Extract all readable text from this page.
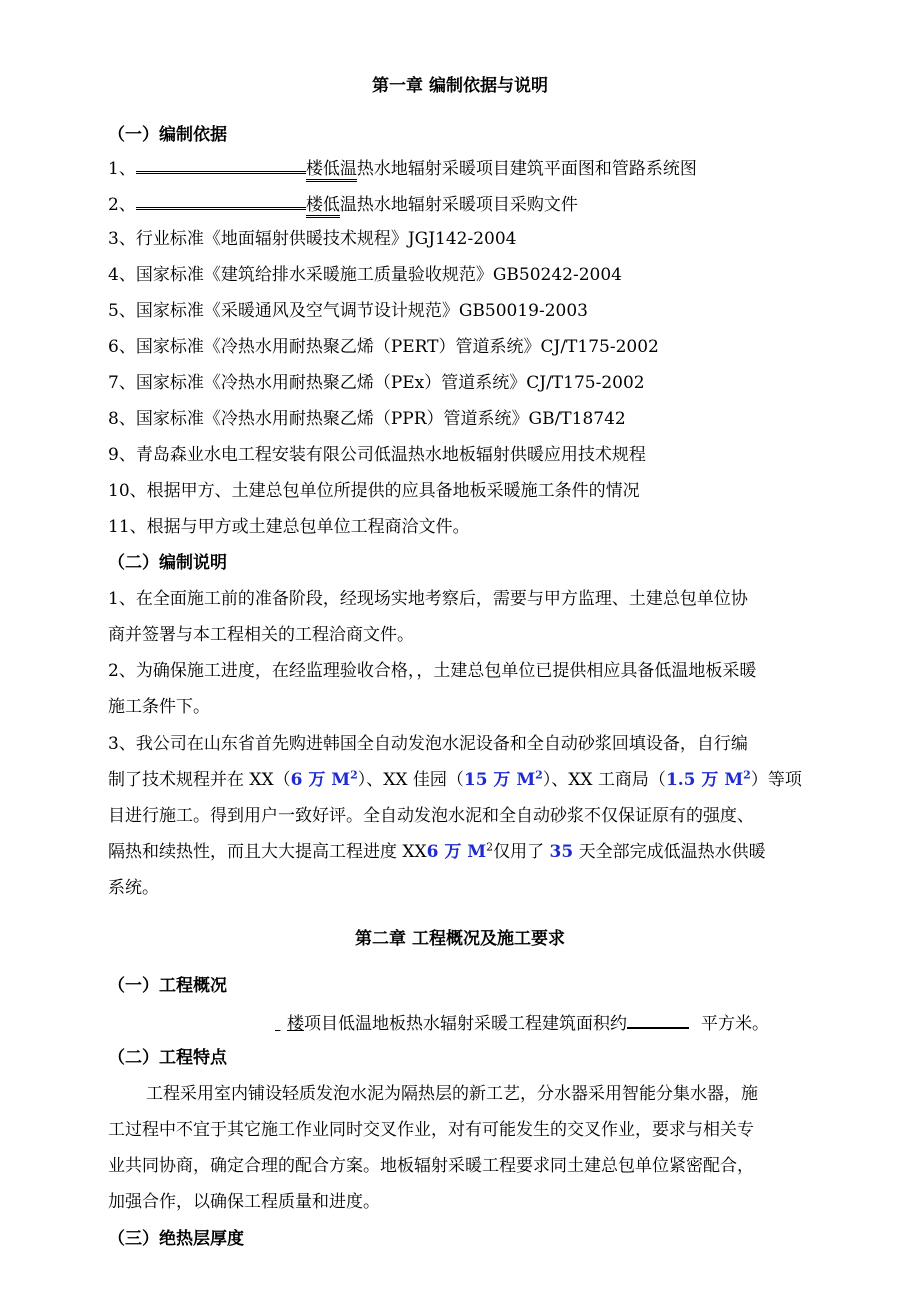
第一章 编制依据与说明
（一）编制依据
1、	楼低温热水地辐射采暖项目建筑平面图和管路系统图
2、	楼低温热水地辐射采暖项目采购文件
3、行业标准《地面辐射供暖技术规程》JGJ142-2004
4、国家标准《建筑给排水采暖施工质量验收规范》GB50242-2004
5、国家标准《采暖通风及空气调节设计规范》GB50019-2003
6、国家标准《冷热水用耐热聚乙烯（PERT）管道系统》CJ/T175-2002
7、国家标准《冷热水用耐热聚乙烯（PEx）管道系统》CJ/T175-2002
8、国家标准《冷热水用耐热聚乙烯（PPR）管道系统》GB/T18742
9、青岛森业水电工程安装有限公司低温热水地板辐射供暖应用技术规程
10、根据甲方、土建总包单位所提供的应具备地板采暖施工条件的情况
11、根据与甲方或土建总包单位工程商洽文件。
（二）编制说明
1、在全面施工前的准备阶段，经现场实地考察后，需要与甲方监理、土建总包单位协
商并签署与本工程相关的工程洽商文件。
2、为确保施工进度，在经监理验收合格，，土建总包单位已提供相应具备低温地板采暖
施工条件下。
3、我公司在山东省首先购进韩国全自动发泡水泥设备和全自动砂浆回填设备，自行编
制了技术规程并在 XX（6 万 $M^2$）、XX 佳园（15 万 $M^2$）、XX 工商局（1.5 万 $M^2$）等项
目进行施工。得到用户一致好评。全自动发泡水泥和全自动砂浆不仅保证原有的强度、
隔热和续热性，而且大大提高工程进度 XX6 万 $M^2$仅用了 35 天全部完成低温热水供暖
系统。
第二章 工程概况及施工要求
（一）工程概况
楼项目低温地板热水辐射采暖工程建筑面积约	平方米。
（二）工程特点
工程采用室内铺设轻质发泡水泥为隔热层的新工艺，分水器采用智能分集水器，施
工过程中不宜于其它施工作业同时交叉作业，对有可能发生的交叉作业，要求与相关专
业共同协商，确定合理的配合方案。地板辐射采暖工程要求同土建总包单位紧密配合，
加强合作，以确保工程质量和进度。
（三）绝热层厚度
